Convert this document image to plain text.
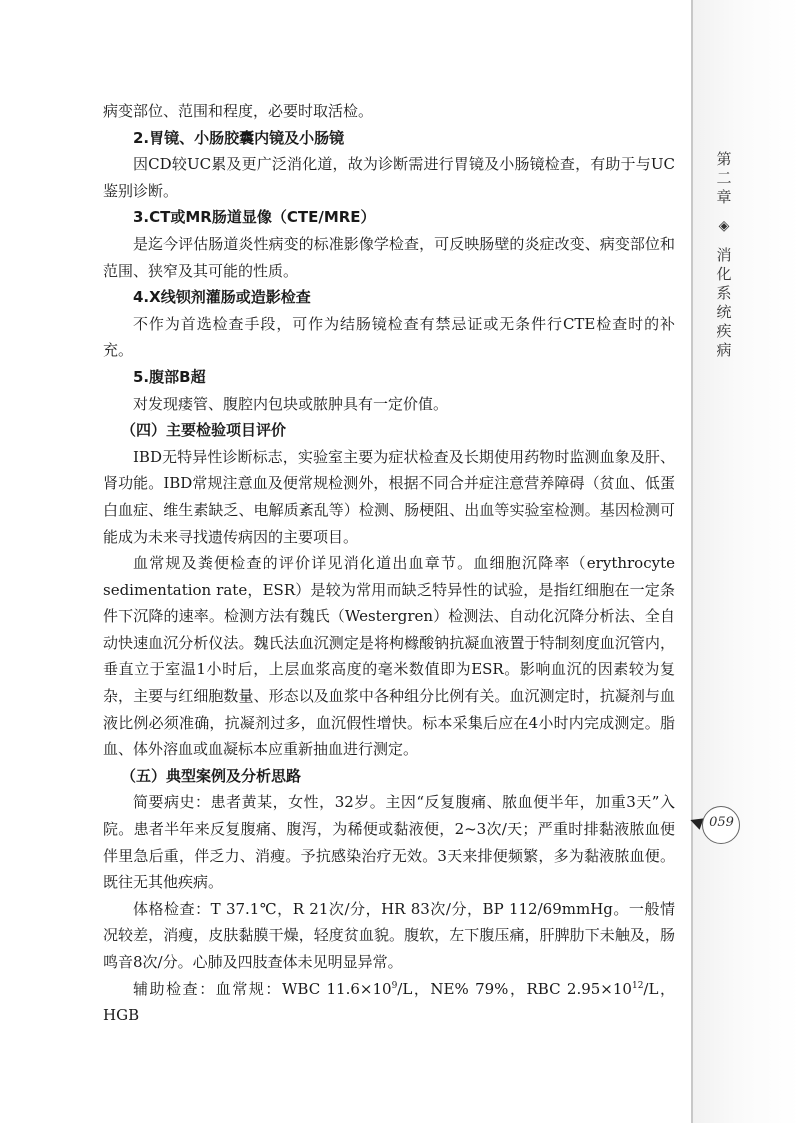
第二章
◈
消化系统疾病
059

病变部位、范围和程度，必要时取活检。

2.胃镜、小肠胶囊内镜及小肠镜

因CD较UC累及更广泛消化道，故为诊断需进行胃镜及小肠镜检查，有助于与UC鉴别诊断。

3.CT或MR肠道显像（CTE/MRE）

是迄今评估肠道炎性病变的标准影像学检查，可反映肠壁的炎症改变、病变部位和范围、狭窄及其可能的性质。

4.X线钡剂灌肠或造影检查

不作为首选检查手段，可作为结肠镜检查有禁忌证或无条件行CTE检查时的补充。

5.腹部B超

对发现瘘管、腹腔内包块或脓肿具有一定价值。

（四）主要检验项目评价

IBD无特异性诊断标志，实验室主要为症状检查及长期使用药物时监测血象及肝、肾功能。IBD常规注意血及便常规检测外，根据不同合并症注意营养障碍（贫血、低蛋白血症、维生素缺乏、电解质紊乱等）检测、肠梗阻、出血等实验室检测。基因检测可能成为未来寻找遗传病因的主要项目。

血常规及粪便检查的评价详见消化道出血章节。血细胞沉降率（erythrocyte sedimentation rate，ESR）是较为常用而缺乏特异性的试验，是指红细胞在一定条件下沉降的速率。检测方法有魏氏（Westergren）检测法、自动化沉降分析法、全自动快速血沉分析仪法。魏氏法血沉测定是将枸橼酸钠抗凝血液置于特制刻度血沉管内，垂直立于室温1小时后，上层血浆高度的毫米数值即为ESR。影响血沉的因素较为复杂，主要与红细胞数量、形态以及血浆中各种组分比例有关。血沉测定时，抗凝剂与血液比例必须准确，抗凝剂过多，血沉假性增快。标本采集后应在4小时内完成测定。脂血、体外溶血或血凝标本应重新抽血进行测定。

（五）典型案例及分析思路

简要病史：患者黄某，女性，32岁。主因“反复腹痛、脓血便半年，加重3天”入院。患者半年来反复腹痛、腹泻，为稀便或黏液便，2~3次/天；严重时排黏液脓血便伴里急后重，伴乏力、消瘦。予抗感染治疗无效。3天来排便频繁，多为黏液脓血便。既往无其他疾病。

体格检查：T 37.1℃，R 21次/分，HR 83次/分，BP 112/69mmHg。一般情况较差，消瘦，皮肤黏膜干燥，轻度贫血貌。腹软，左下腹压痛，肝脾肋下未触及，肠鸣音8次/分。心肺及四肢查体未见明显异常。

辅助检查：血常规：WBC $11.6\times 10^9/L$，NE% 79%，RBC $2.95\times 10^{12}/L$，HGB
